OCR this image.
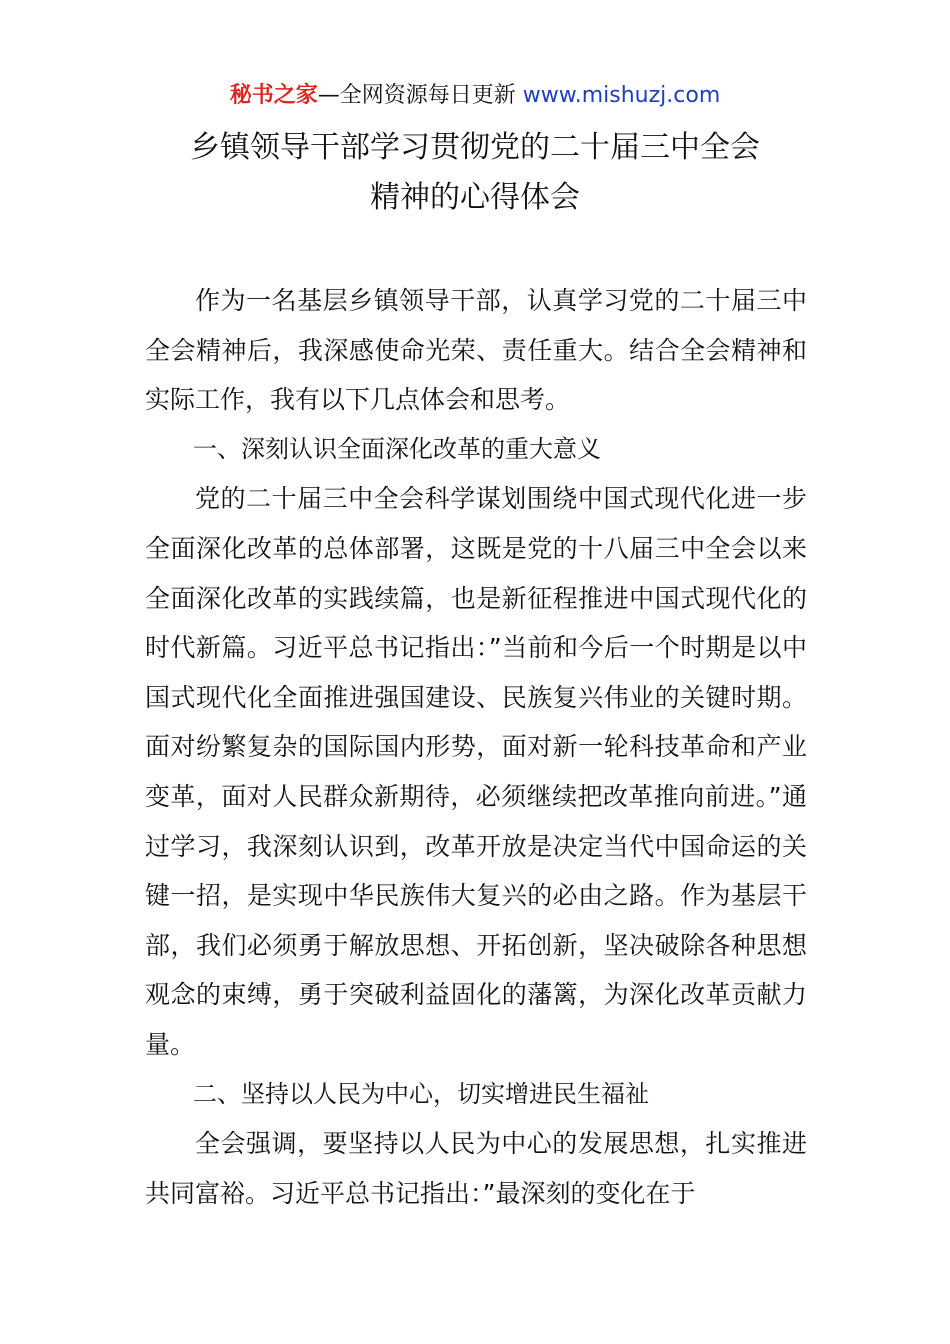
秘书之家—全网资源每日更新 www.mishuzj.com
乡镇领导干部学习贯彻党的二十届三中全会
精神的心得体会

作为一名基层乡镇领导干部，认真学习党的二十届三中全会精神后，我深感使命光荣、责任重大。结合全会精神和实际工作，我有以下几点体会和思考。

一、深刻认识全面深化改革的重大意义

党的二十届三中全会科学谋划围绕中国式现代化进一步全面深化改革的总体部署，这既是党的十八届三中全会以来全面深化改革的实践续篇，也是新征程推进中国式现代化的时代新篇。习近平总书记指出：”当前和今后一个时期是以中国式现代化全面推进强国建设、民族复兴伟业的关键时期。面对纷繁复杂的国际国内形势，面对新一轮科技革命和产业变革，面对人民群众新期待，必须继续把改革推向前进。”通过学习，我深刻认识到，改革开放是决定当代中国命运的关键一招，是实现中华民族伟大复兴的必由之路。作为基层干部，我们必须勇于解放思想、开拓创新，坚决破除各种思想观念的束缚，勇于突破利益固化的藩篱，为深化改革贡献力量。

二、坚持以人民为中心，切实增进民生福祉

全会强调，要坚持以人民为中心的发展思想，扎实推进共同富裕。习近平总书记指出：”最深刻的变化在于
